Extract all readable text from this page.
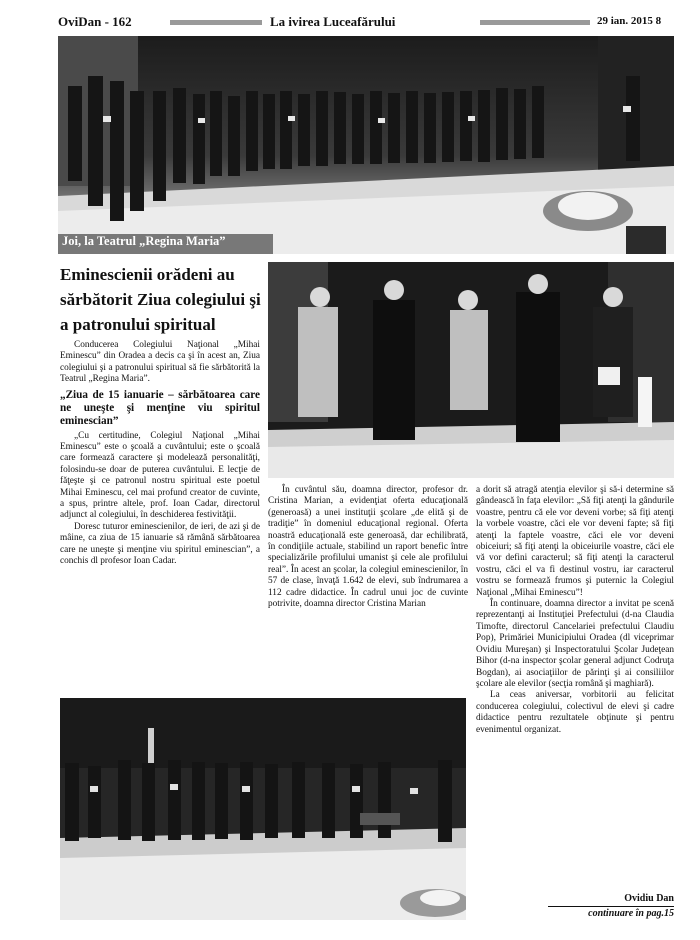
OviDan - 162	La ivirea Luceafărului	29 ian. 2015 8
Joi, la Teatrul „Regina Maria”
Eminescienii orădeni au sărbătorit Ziua colegiului şi a patronului spiritual

Conducerea Colegiului Naţional „Mihai Eminescu” din Oradea a decis ca şi în acest an, Ziua colegiului şi a patronului spiritual să fie sărbătorită la Teatrul „Regina Maria”.

„Ziua de 15 ianuarie – sărbătoarea care ne uneşte şi menţine viu spiritul eminescian”

„Cu certitudine, Colegiul Naţional „Mihai Eminescu” este o şcoală a cuvântului; este o şcoală care formează caractere şi modelează personalităţi, folosindu-se doar de puterea cuvântului. E lecţie de făţeşte şi ce patronul nostru spiritual este poetul Mihai Eminescu, cel mai profund creator de cuvinte, a spus, printre altele, prof. Ioan Cadar, directorul adjunct al colegiului, în deschiderea festivităţii.

Doresc tuturor eminescienilor, de ieri, de azi şi de mâine, ca ziua de 15 ianuarie să rămână sărbătoarea care ne uneşte şi menţine viu spiritul eminescian”, a conchis dl profesor Ioan Cadar.

În cuvântul său, doamna director, profesor dr. Cristina Marian, a evidenţiat oferta educaţională (generoasă) a unei instituţii şcolare „de elită şi de tradiţie” în domeniul educaţional regional. Oferta noastră educaţională este generoasă, dar echilibrată, în condiţiile actuale, stabilind un raport benefic între specializările profilului umanist şi cele ale profilului real”. În acest an şcolar, la colegiul eminescienilor, în 57 de clase, învaţă 1.642 de elevi, sub îndrumarea a 112 cadre didactice. În cadrul unui joc de cuvinte potrivite, doamna director Cristina Marian

a dorit să atragă atenţia elevilor şi să-i determine să gândească în faţa elevilor: „Să fiţi atenţi la gândurile voastre, pentru că ele vor deveni vorbe; să fiţi atenţi la vorbele voastre, căci ele vor deveni fapte; să fiţi atenţi la faptele voastre, căci ele vor deveni obiceiuri; să fiţi atenţi la obiceiurile voastre, căci ele vă vor defini caracterul; să fiţi atenţi la caracterul vostru, căci el va fi destinul vostru, iar caracterul vostru se formează frumos şi puternic la Colegiul Naţional „Mihai Eminescu”!

În continuare, doamna director a invitat pe scenă reprezentanţi ai Instituţiei Prefectului (d-na Claudia Timofte, directorul Cancelariei prefectului Claudiu Pop), Primăriei Municipiului Oradea (dl viceprimar Ovidiu Mureşan) şi Inspectoratului Şcolar Judeţean Bihor (d-na inspector şcolar general adjunct Codruţa Bogdan), ai asociaţiilor de părinţi şi ai consiliilor şcolare ale elevilor (secţia română şi maghiară).

La ceas aniversar, vorbitorii au felicitat conducerea colegiului, colectivul de elevi şi cadre didactice pentru rezultatele obţinute şi pentru evenimentul organizat.

Ovidiu Dan
continuare în pag.15
